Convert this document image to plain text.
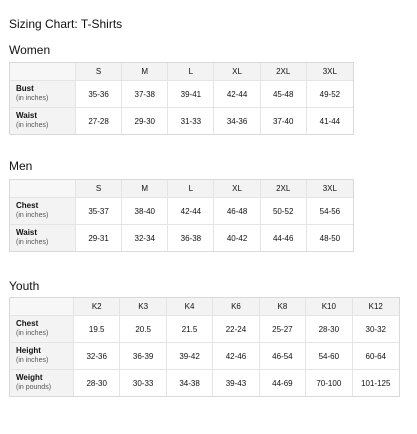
Sizing Chart: T-Shirts
Women
	S	M	L	XL	2XL	3XL

Bust
(in inches)	35-36	37-38	39-41	42-44	45-48	49-52

Waist
(in inches)	27-28	29-30	31-33	34-36	37-40	41-44
Men
	S	M	L	XL	2XL	3XL

Chest
(in inches)	35-37	38-40	42-44	46-48	50-52	54-56

Waist
(in inches)	29-31	32-34	36-38	40-42	44-46	48-50
Youth
	K2	K3	K4	K6	K8	K10	K12

Chest
(in inches)	19.5	20.5	21.5	22-24	25-27	28-30	30-32

Height
(in inches)	32-36	36-39	39-42	42-46	46-54	54-60	60-64

Weight
(in pounds)	28-30	30-33	34-38	39-43	44-69	70-100	101-125
